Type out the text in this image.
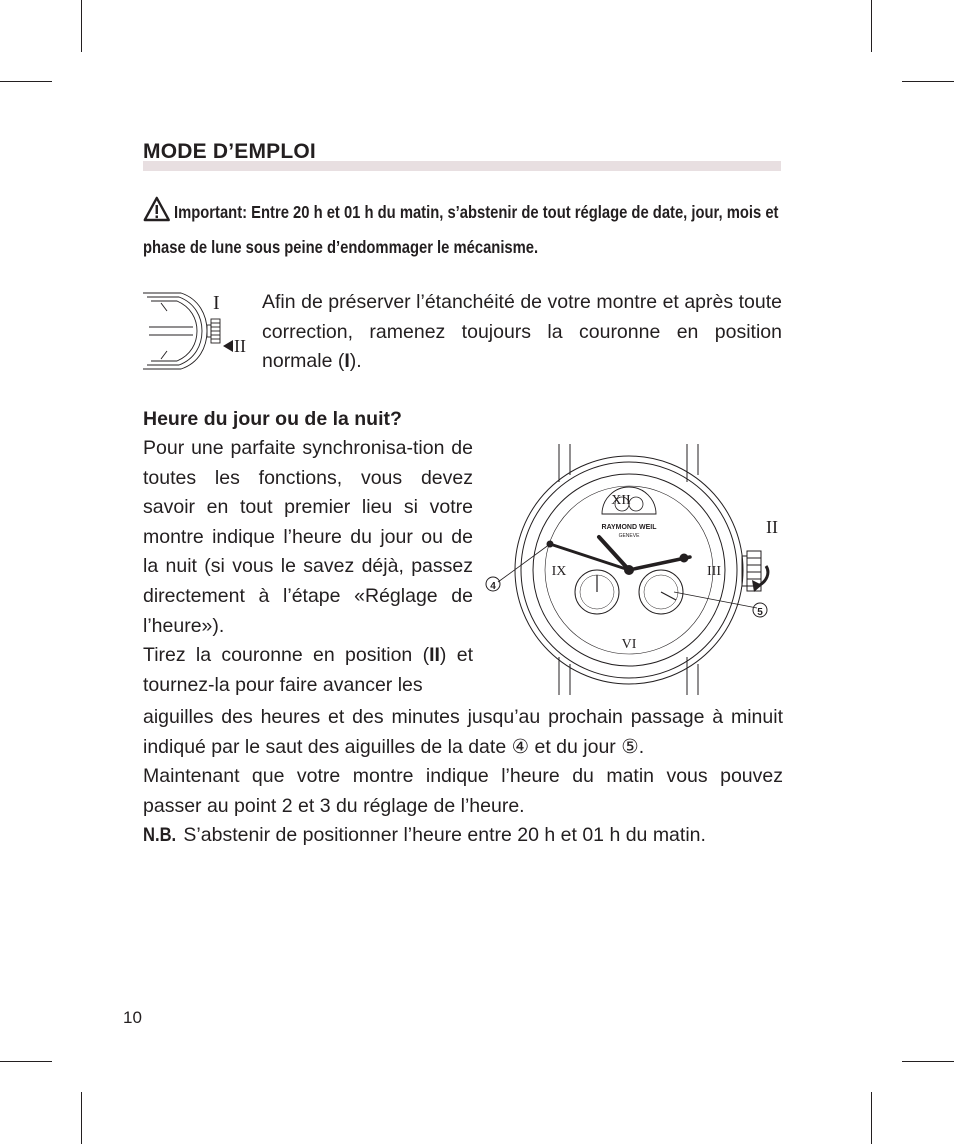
MODE D’EMPLOI
Important: Entre 20 h et 01 h du matin, s’abstenir de tout réglage de date, jour, mois et phase de lune sous peine d’endommager le mécanisme.
I
II
Afin de préserver l’étanchéité de votre montre et après toute correction, ramenez toujours la couronne en position normale (I).
Heure du jour ou de la nuit?

Pour une parfaite synchronisa-tion de toutes les fonctions, vous devez savoir en tout premier lieu si votre montre indique l’heure du jour ou de la nuit (si vous le savez déjà, passez directement à l’étape «Réglage de l’heure»).

Tirez la couronne en position (II) et tournez-la pour faire avancer les

XII
III
VI
IX
RAYMOND WEIL
GENEVE	II
4
5

aiguilles des heures et des minutes jusqu’au prochain passage à minuit indiqué par le saut des aiguilles de la date ④ et du jour ⑤.

Maintenant que votre montre indique l’heure du matin vous pouvez passer au point 2 et 3 du réglage de l’heure.

N.B. S’abstenir de positionner l’heure entre 20 h et 01 h du matin.

10
